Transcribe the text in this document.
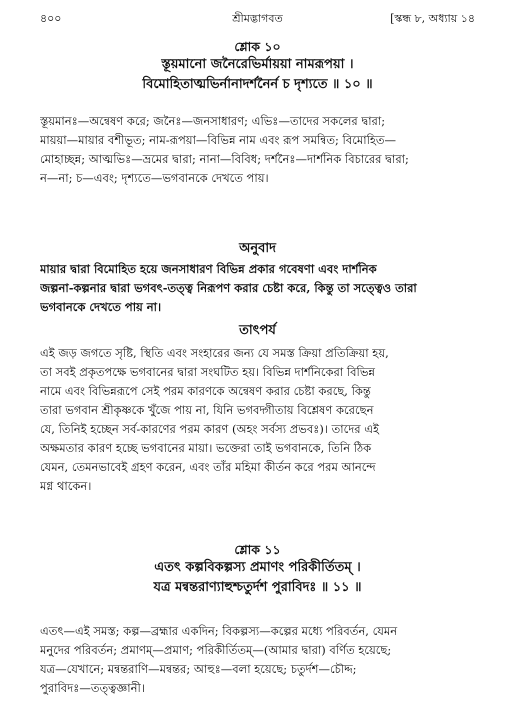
৪০০	শ্রীমদ্ভাগবত	[স্কন্ধ ৮, অধ্যায় ১৪
শ্লোক ১০
স্তূয়মানো জনৈরেভির্মায়য়া নামরূপয়া ।
বিমোহিতাত্মভির্নানাদর্শনৈর্ন চ দৃশ্যতে ॥ ১০ ॥
স্তূয়মানঃ—অন্বেষণ করে; জনৈঃ—জনসাধারণ; এভিঃ—তাদের সকলের দ্বারা;
মায়য়া—মায়ার বশীভূত; নাম-রূপয়া—বিভিন্ন নাম এবং রূপ সমন্বিত; বিমোহিত—
মোহাচ্ছন্ন; আত্মভিঃ—ভ্রমের দ্বারা; নানা—বিবিধ; দর্শনৈঃ—দার্শনিক বিচারের দ্বারা;
ন—না; চ—এবং; দৃশ্যতে—ভগবানকে দেখতে পায়।
অনুবাদ
মায়ার দ্বারা বিমোহিত হয়ে জনসাধারণ বিভিন্ন প্রকার গবেষণা এবং দার্শনিক
জল্পনা-কল্পনার দ্বারা ভগবৎ-তত্ত্ব নিরূপণ করার চেষ্টা করে, কিন্তু তা সত্ত্বেও তারা
ভগবানকে দেখতে পায় না।
তাৎপর্য
এই জড় জগতে সৃষ্টি, স্থিতি এবং সংহারের জন্য যে সমস্ত ক্রিয়া প্রতিক্রিয়া হয়,
তা সবই প্রকৃতপক্ষে ভগবানের দ্বারা সংঘটিত হয়। বিভিন্ন দার্শনিকেরা বিভিন্ন
নামে এবং বিভিন্নরূপে সেই পরম কারণকে অন্বেষণ করার চেষ্টা করছে, কিন্তু
তারা ভগবান শ্রীকৃষ্ণকে খুঁজে পায় না, যিনি ভগবদ্গীতায় বিশ্লেষণ করেছেন
যে, তিনিই হচ্ছেন সর্ব-কারণের পরম কারণ (অহং সর্বস্য প্রভবঃ)। তাদের এই
অক্ষমতার কারণ হচ্ছে ভগবানের মায়া। ভক্তেরা তাই ভগবানকে, তিনি ঠিক
যেমন, তেমনভাবেই গ্রহণ করেন, এবং তাঁর মহিমা কীর্তন করে পরম আনন্দে
মগ্ন থাকেন।
শ্লোক ১১
এতৎ কল্পবিকল্পস্য প্রমাণং পরিকীর্তিতম্ ।
যত্র মন্বন্তরাণ্যাহুশ্চতুর্দশ পুরাবিদঃ ॥ ১১ ॥
এতৎ—এই সমস্ত; কল্প—ব্রহ্মার একদিন; বিকল্পস্য—কল্পের মধ্যে পরিবর্তন, যেমন
মনুদের পরিবর্তন; প্রমাণম্—প্রমাণ; পরিকীর্তিতম্—(আমার দ্বারা) বর্ণিত হয়েছে;
যত্র—যেখানে; মন্বন্তরাণি—মন্বন্তর; আহুঃ—বলা হয়েছে; চতুর্দশ—চৌদ্দ;
পুরাবিদঃ—তত্ত্বজ্ঞানী।
